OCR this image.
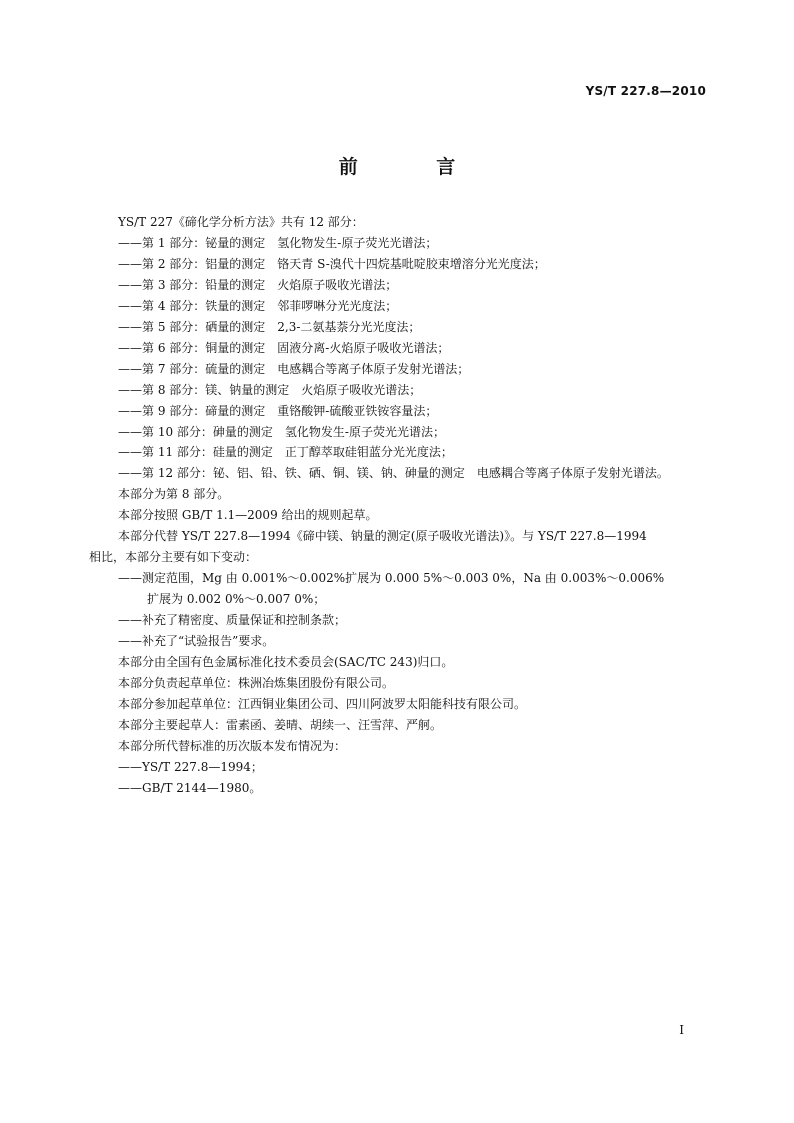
YS/T 227.8—2010
前 言
YS/T 227《碲化学分析方法》共有 12 部分：
——第 1 部分：铋量的测定　氢化物发生-原子荧光光谱法；
——第 2 部分：铝量的测定　铬天青 S-溴代十四烷基吡啶胶束增溶分光光度法；
——第 3 部分：铅量的测定　火焰原子吸收光谱法；
——第 4 部分：铁量的测定　邻菲啰啉分光光度法；
——第 5 部分：硒量的测定　2,3-二氨基萘分光光度法；
——第 6 部分：铜量的测定　固液分离-火焰原子吸收光谱法；
——第 7 部分：硫量的测定　电感耦合等离子体原子发射光谱法；
——第 8 部分：镁、钠量的测定　火焰原子吸收光谱法；
——第 9 部分：碲量的测定　重铬酸钾-硫酸亚铁铵容量法；
——第 10 部分：砷量的测定　氢化物发生-原子荧光光谱法；
——第 11 部分：硅量的测定　正丁醇萃取硅钼蓝分光光度法；
——第 12 部分：铋、铝、铅、铁、硒、铜、镁、钠、砷量的测定　电感耦合等离子体原子发射光谱法。
本部分为第 8 部分。
本部分按照 GB/T 1.1—2009 给出的规则起草。
本部分代替 YS/T 227.8—1994《碲中镁、钠量的测定(原子吸收光谱法)》。与 YS/T 227.8—1994
相比，本部分主要有如下变动：
——测定范围，Mg 由 0.001%～0.002%扩展为 0.000 5%～0.003 0%，Na 由 0.003%～0.006%
扩展为 0.002 0%～0.007 0%；
——补充了精密度、质量保证和控制条款；
——补充了“试验报告”要求。
本部分由全国有色金属标准化技术委员会(SAC/TC 243)归口。
本部分负责起草单位：株洲冶炼集团股份有限公司。
本部分参加起草单位：江西铜业集团公司、四川阿波罗太阳能科技有限公司。
本部分主要起草人：雷素函、姜晴、胡续一、汪雪萍、严舸。
本部分所代替标准的历次版本发布情况为：
——YS/T 227.8—1994；
——GB/T 2144—1980。
I
